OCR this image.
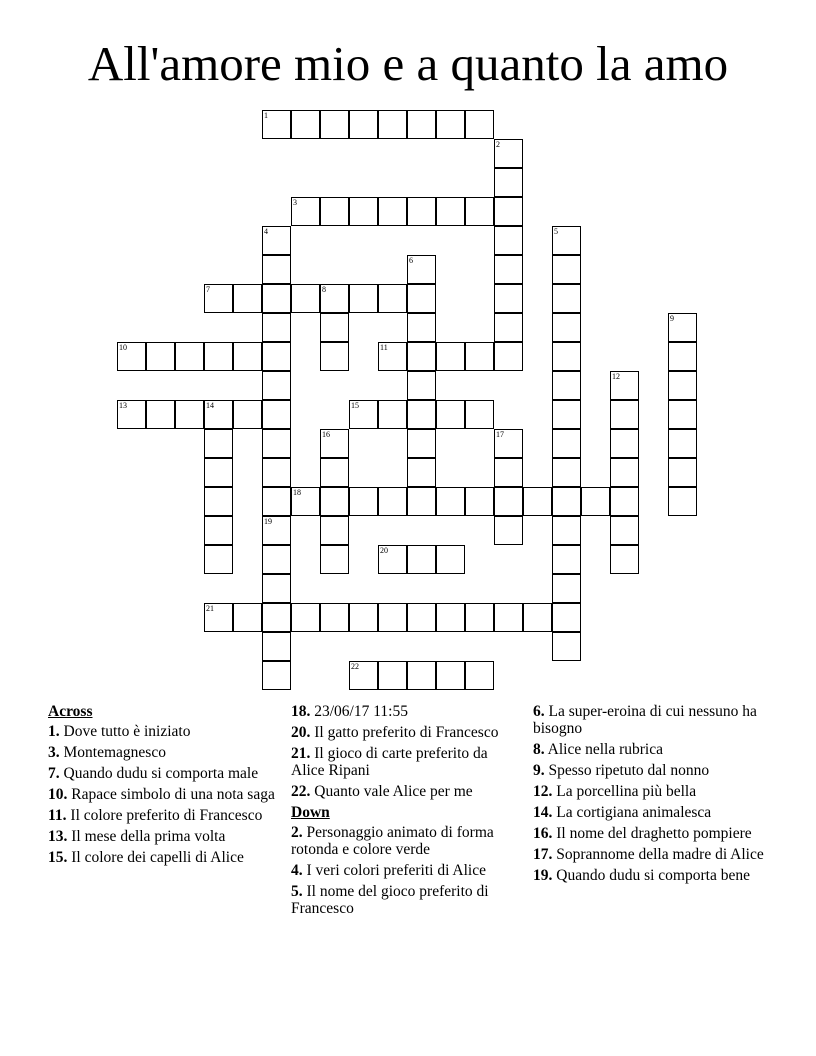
All'amore mio e a quanto la amo
1
2
3
4
19
5
6
7	8
9
10	11
12
13	14	15
16	17
18
20
21
22
Across
1. Dove tutto è iniziato
3. Montemagnesco
7. Quando dudu si comporta male
10. Rapace simbolo di una nota saga
11. Il colore preferito di Francesco
13. Il mese della prima volta
15. Il colore dei capelli di Alice
18. 23/06/17 11:55
20. Il gatto preferito di Francesco
21. Il gioco di carte preferito da Alice Ripani
22. Quanto vale Alice per me
Down
2. Personaggio animato di forma rotonda e colore verde
4. I veri colori preferiti di Alice
5. Il nome del gioco preferito di Francesco
6. La super-eroina di cui nessuno ha bisogno
8. Alice nella rubrica
9. Spesso ripetuto dal nonno
12. La porcellina più bella
14. La cortigiana animalesca
16. Il nome del draghetto pompiere
17. Soprannome della madre di Alice
19. Quando dudu si comporta bene
